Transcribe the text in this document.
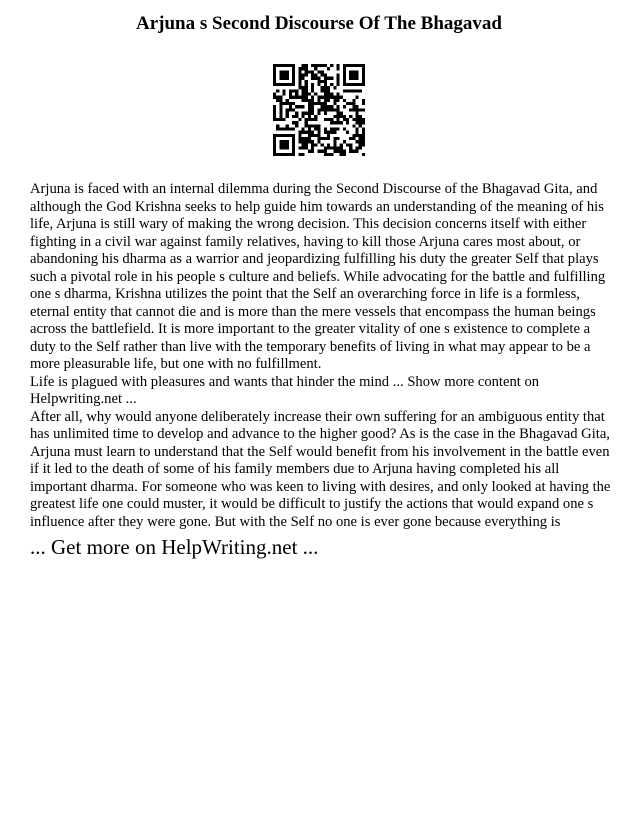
Arjuna s Second Discourse Of The Bhagavad

Arjuna is faced with an internal dilemma during the Second Discourse of the Bhagavad Gita, and although the God Krishna seeks to help guide him towards an understanding of the meaning of his life, Arjuna is still wary of making the wrong decision. This decision concerns itself with either fighting in a civil war against family relatives, having to kill those Arjuna cares most about, or abandoning his dharma as a warrior and jeopardizing fulfilling his duty the greater Self that plays such a pivotal role in his people s culture and beliefs. While advocating for the battle and fulfilling one s dharma, Krishna utilizes the point that the Self an overarching force in life is a formless, eternal entity that cannot die and is more than the mere vessels that encompass the human beings across the battlefield. It is more important to the greater vitality of one s existence to complete a duty to the Self rather than live with the temporary benefits of living in what may appear to be a more pleasurable life, but one with no fulfillment.

Life is plagued with pleasures and wants that hinder the mind ... Show more content on Helpwriting.net ...

After all, why would anyone deliberately increase their own suffering for an ambiguous entity that has unlimited time to develop and advance to the higher good? As is the case in the Bhagavad Gita, Arjuna must learn to understand that the Self would benefit from his involvement in the battle even if it led to the death of some of his family members due to Arjuna having completed his all important dharma. For someone who was keen to living with desires, and only looked at having the greatest life one could muster, it would be difficult to justify the actions that would expand one s influence after they were gone. But with the Self no one is ever gone because everything is

... Get more on HelpWriting.net ...
